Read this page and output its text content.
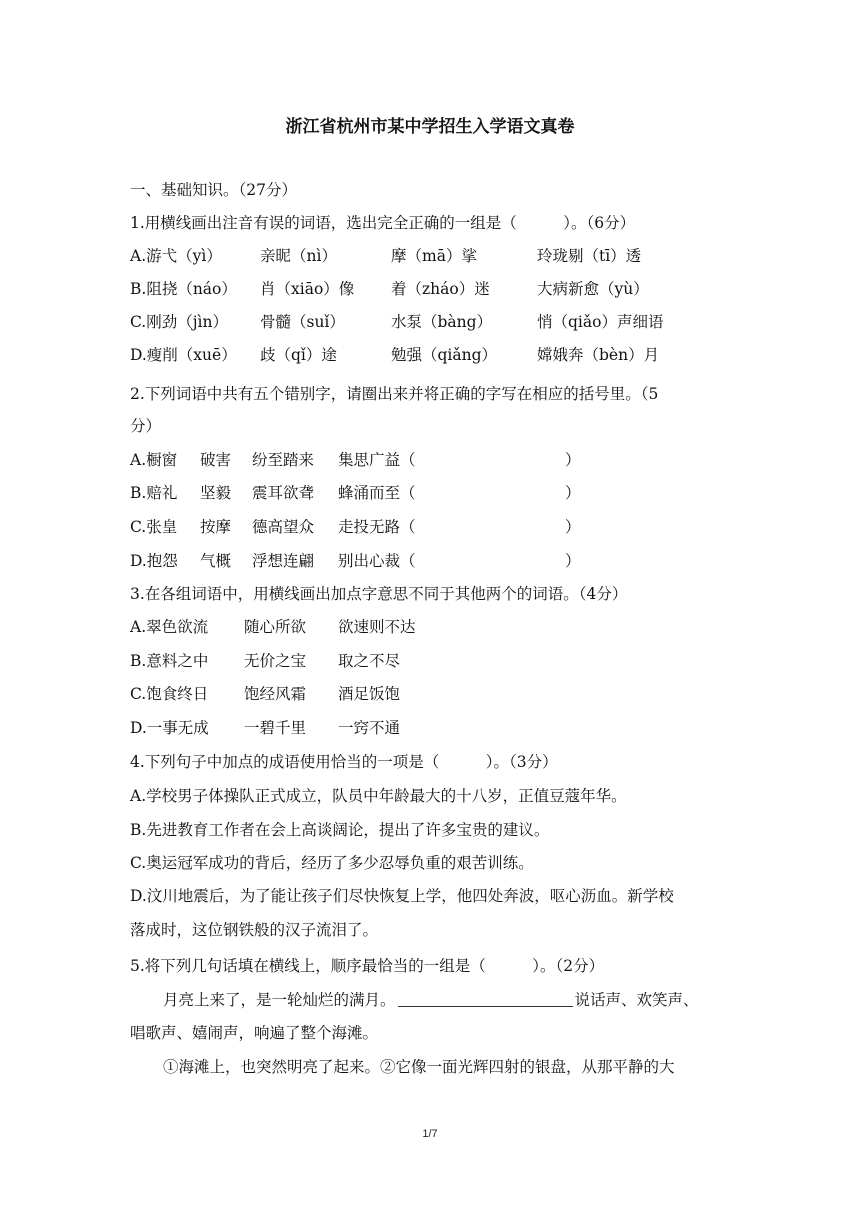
浙江省杭州市某中学招生入学语文真卷
一、基础知识。（27分）
1.用横线画出注音有误的词语，选出完全正确的一组是（　　　）。（6分）
A.游弋（yì） 亲昵（nì）	摩（mā）挲	玲珑剔（tī）透
B.阻挠（náo） 肖（xiāo）像 着（zháo）迷	大病新愈（yù）
C.刚劲（jìn） 骨髓（suǐ）	水泵（bàng）	悄（qiǎo）声细语
D.瘦削（xuē） 歧（qǐ）途	勉强（qiǎng）	嫦娥奔（bèn）月
2.下列词语中共有五个错别字，请圈出来并将正确的字写在相应的括号里。（5
分）
A.橱窗 破害 纷至踏来 集思广益（	）
B.赔礼 坚毅 震耳欲聋 蜂涌而至（	）
C.张皇 按摩 德高望众 走投无路（	）
D.抱怨 气概 浮想连翩 别出心裁（	）
3.在各组词语中，用横线画出加点字意思不同于其他两个的词语。（4分）
A.翠色欲流 随心所欲 欲速则不达
B.意料之中 无价之宝 取之不尽
C.饱食终日 饱经风霜 酒足饭饱
D.一事无成 一碧千里 一窍不通
4.下列句子中加点的成语使用恰当的一项是（　　　）。（3分）
A.学校男子体操队正式成立，队员中年龄最大的十八岁，正值豆蔻年华。
B.先进教育工作者在会上高谈阔论，提出了许多宝贵的建议。
C.奥运冠军成功的背后，经历了多少忍辱负重的艰苦训练。
D.汶川地震后，为了能让孩子们尽快恢复上学，他四处奔波，呕心沥血。新学校
落成时，这位钢铁般的汉子流泪了。
5.将下列几句话填在横线上，顺序最恰当的一组是（　　　）。（2分）
月亮上来了，是一轮灿烂的满月。	说话声、欢笑声、
唱歌声、嬉闹声，响遍了整个海滩。
①海滩上，也突然明亮了起来。②它像一面光辉四射的银盘，从那平静的大
1/7
